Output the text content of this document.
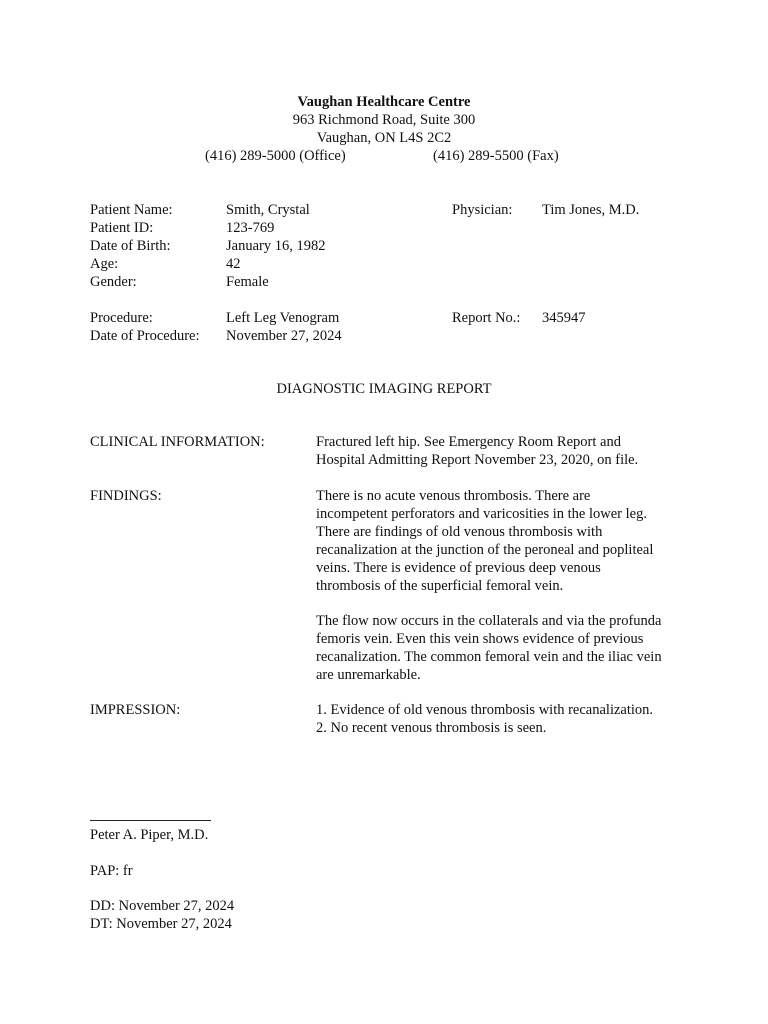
Vaughan Healthcare Centre
963 Richmond Road, Suite 300
Vaughan, ON L4S 2C2
(416) 289-5000 (Office)	(416) 289-5500 (Fax)
Patient Name:	Smith, Crystal	Physician: Tim Jones, M.D.
Patient ID:	123-769
Date of Birth:	January 16, 1982
Age:	42
Gender:	Female
Procedure:	Left Leg Venogram	Report No.: 345947
Date of Procedure: November 27, 2024
DIAGNOSTIC IMAGING REPORT
CLINICAL INFORMATION:	Fractured left hip. See Emergency Room Report and
Hospital Admitting Report November 23, 2020, on file.
FINDINGS:	There is no acute venous thrombosis. There are
incompetent perforators and varicosities in the lower leg.
There are findings of old venous thrombosis with
recanalization at the junction of the peroneal and popliteal
veins. There is evidence of previous deep venous
thrombosis of the superficial femoral vein.
The flow now occurs in the collaterals and via the profunda
femoris vein. Even this vein shows evidence of previous
recanalization. The common femoral vein and the iliac vein
are unremarkable.
IMPRESSION:	1. Evidence of old venous thrombosis with recanalization.
2. No recent venous thrombosis is seen.
Peter A. Piper, M.D.
PAP: fr
DD: November 27, 2024
DT: November 27, 2024
